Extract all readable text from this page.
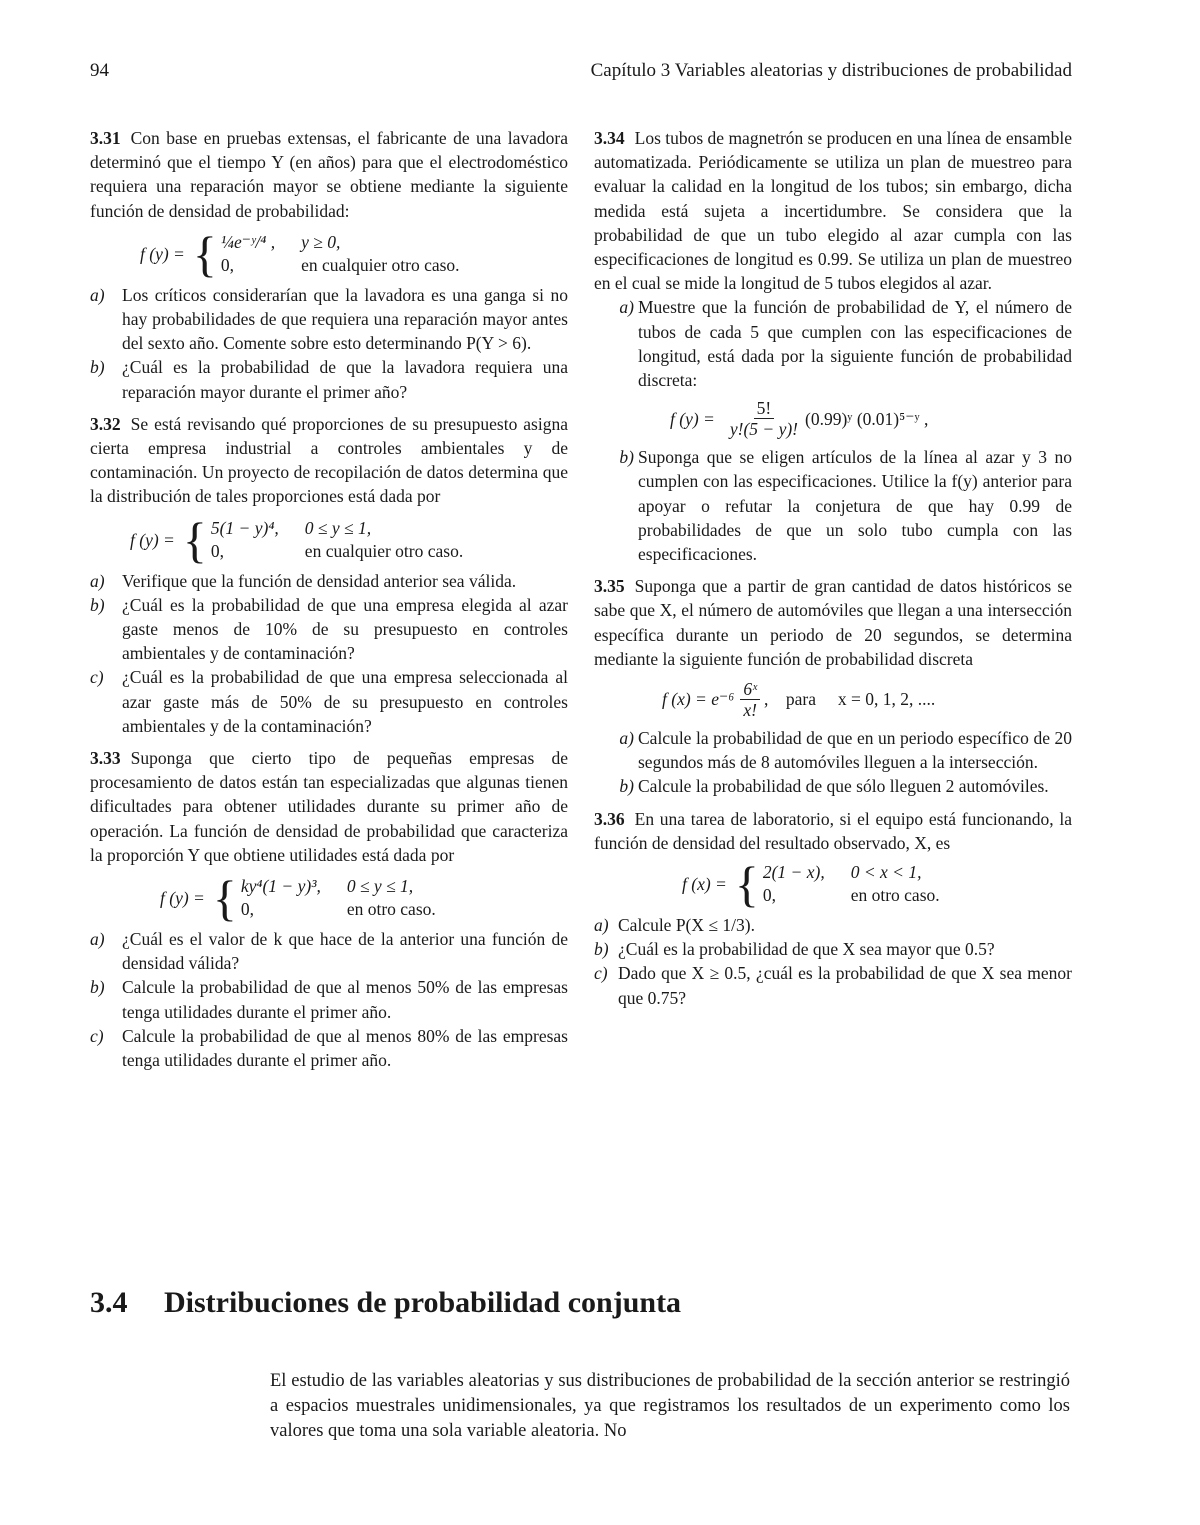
94	Capítulo 3 Variables aleatorias y distribuciones de probabilidad

3.31 Con base en pruebas extensas, el fabricante de una lavadora determinó que el tiempo Y (en años) para que el electrodoméstico requiera una reparación mayor se obtiene mediante la siguiente función de densidad de probabilidad:

f (y) = { ¼e⁻ʸ/⁴ , y ≥ 0,
0,	en cualquier otro caso.
a) Los críticos considerarían que la lavadora es una ganga si no hay probabilidades de que requiera una reparación mayor antes del sexto año. Comente sobre esto determinando P(Y > 6).
b) ¿Cuál es la probabilidad de que la lavadora requiera una reparación mayor durante el primer año?

3.32 Se está revisando qué proporciones de su presupuesto asigna cierta empresa industrial a controles ambientales y de contaminación. Un proyecto de recopilación de datos determina que la distribución de tales proporciones está dada por

f (y) = { 5(1 − y)⁴, 0 ≤ y ≤ 1,
0,	en cualquier otro caso.
a) Verifique que la función de densidad anterior sea válida.
b) ¿Cuál es la probabilidad de que una empresa elegida al azar gaste menos de 10% de su presupuesto en controles ambientales y de contaminación?
c)	¿Cuál es la probabilidad de que una empresa seleccionada al azar gaste más de 50% de su presupuesto en controles ambientales y de la contaminación?

3.33 Suponga que cierto tipo de pequeñas empresas de procesamiento de datos están tan especializadas que algunas tienen dificultades para obtener utilidades durante su primer año de operación. La función de densidad de probabilidad que caracteriza la proporción Y que obtiene utilidades está dada por

f (y) = { ky⁴(1 − y)³, 0 ≤ y ≤ 1,
0,	en otro caso.
a) ¿Cuál es el valor de k que hace de la anterior una función de densidad válida?
b) Calcule la probabilidad de que al menos 50% de las empresas tenga utilidades durante el primer año.
c)	Calcule la probabilidad de que al menos 80% de las empresas tenga utilidades durante el primer año.

3.34 Los tubos de magnetrón se producen en una línea de ensamble automatizada. Periódicamente se utiliza un plan de muestreo para evaluar la calidad en la longitud de los tubos; sin embargo, dicha medida está sujeta a incertidumbre. Se considera que la probabilidad de que un tubo elegido al azar cumpla con las especificaciones de longitud es 0.99. Se utiliza un plan de muestreo en el cual se mide la longitud de 5 tubos elegidos al azar.

a) Muestre que la función de probabilidad de Y, el número de tubos de cada 5 que cumplen con las especificaciones de longitud, está dada por la siguiente función de probabilidad discreta:
f $(y) = \frac{5!}{y!(5 - y)!}$ (0.99)ʸ (0.01)⁵⁻ʸ ,
b) Suponga que se eligen artículos de la línea al azar y 3 no cumplen con las especificaciones. Utilice la f(y) anterior para apoyar o refutar la conjetura de que hay 0.99 de probabilidades de que un solo tubo cumpla con las especificaciones.

3.35 Suponga que a partir de gran cantidad de datos históricos se sabe que X, el número de automóviles que llegan a una intersección específica durante un periodo de 20 segundos, se determina mediante la siguiente función de probabilidad discreta

f $(x) = e^{-6} \frac{\text{6ˣ}}{x!}$ ,    para     x = 0, 1, 2, ....
a) Calcule la probabilidad de que en un periodo específico de 20 segundos más de 8 automóviles lleguen a la intersección.
b) Calcule la probabilidad de que sólo lleguen 2 automóviles.

3.36 En una tarea de laboratorio, si el equipo está funcionando, la función de densidad del resultado observado, X, es

f (x) = { 2(1 − x), 0 < x < 1,
0,	en otro caso.
a) Calcule P(X ≤ 1/3).
b) ¿Cuál es la probabilidad de que X sea mayor que 0.5?
c) Dado que X ≥ 0.5, ¿cuál es la probabilidad de que X sea menor que 0.75?
3.4 Distribuciones de probabilidad conjunta

El estudio de las variables aleatorias y sus distribuciones de probabilidad de la sección anterior se restringió a espacios muestrales unidimensionales, ya que registramos los resultados de un experimento como los valores que toma una sola variable aleatoria. No
